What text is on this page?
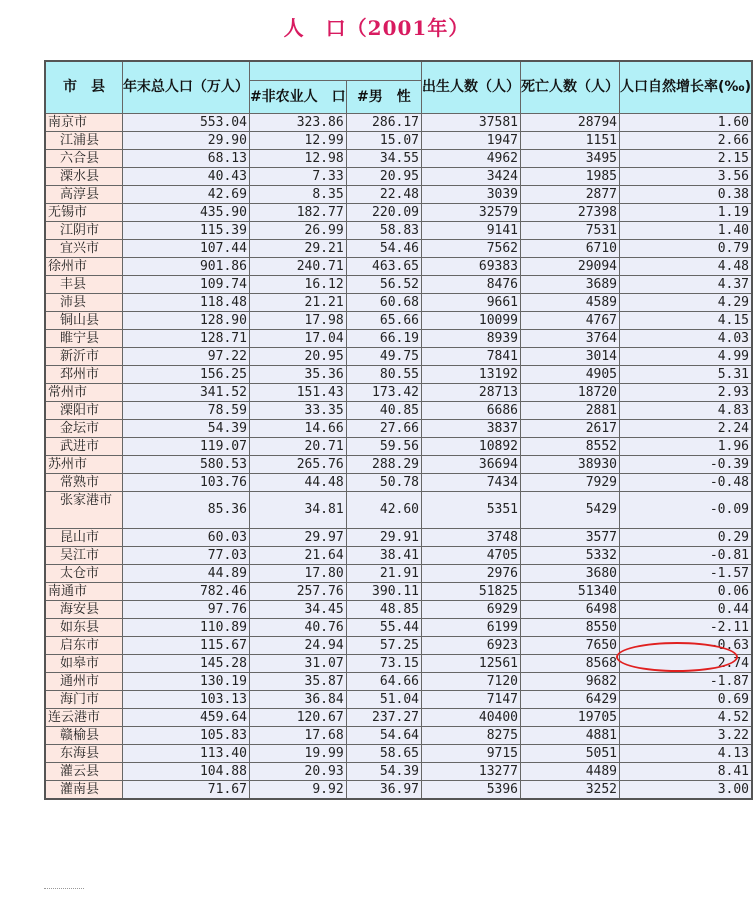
人　口（2001年）
市　县	年末总人口（万人）			出生人数（人）	死亡人数（人）	人口自然增长率(‰)
		#非农业人　口	#男　性			
南京市	553.04	323.86	286.17	37581	28794	1.60
江浦县	29.90	12.99	15.07	1947	1151	2.66
六合县	68.13	12.98	34.55	4962	3495	2.15
溧水县	40.43	7.33	20.95	3424	1985	3.56
高淳县	42.69	8.35	22.48	3039	2877	0.38
无锡市	435.90	182.77	220.09	32579	27398	1.19
江阴市	115.39	26.99	58.83	9141	7531	1.40
宜兴市	107.44	29.21	54.46	7562	6710	0.79
徐州市	901.86	240.71	463.65	69383	29094	4.48
丰县	109.74	16.12	56.52	8476	3689	4.37
沛县	118.48	21.21	60.68	9661	4589	4.29
铜山县	128.90	17.98	65.66	10099	4767	4.15
睢宁县	128.71	17.04	66.19	8939	3764	4.03
新沂市	97.22	20.95	49.75	7841	3014	4.99
邳州市	156.25	35.36	80.55	13192	4905	5.31
常州市	341.52	151.43	173.42	28713	18720	2.93
溧阳市	78.59	33.35	40.85	6686	2881	4.83
金坛市	54.39	14.66	27.66	3837	2617	2.24
武进市	119.07	20.71	59.56	10892	8552	1.96
苏州市	580.53	265.76	288.29	36694	38930	-0.39
常熟市	103.76	44.48	50.78	7434	7929	-0.48
张家港市	85.36	34.81	42.60	5351	5429	-0.09
昆山市	60.03	29.97	29.91	3748	3577	0.29
吴江市	77.03	21.64	38.41	4705	5332	-0.81
太仓市	44.89	17.80	21.91	2976	3680	-1.57
南通市	782.46	257.76	390.11	51825	51340	0.06
海安县	97.76	34.45	48.85	6929	6498	0.44
如东县	110.89	40.76	55.44	6199	8550	-2.11
启东市	115.67	24.94	57.25	6923	7650	-0.63
如皋市	145.28	31.07	73.15	12561	8568	2.74
通州市	130.19	35.87	64.66	7120	9682	-1.87
海门市	103.13	36.84	51.04	7147	6429	0.69
连云港市	459.64	120.67	237.27	40400	19705	4.52
赣榆县	105.83	17.68	54.64	8275	4881	3.22
东海县	113.40	19.99	58.65	9715	5051	4.13
灌云县	104.88	20.93	54.39	13277	4489	8.41
灌南县	71.67	9.92	36.97	5396	3252	3.00
